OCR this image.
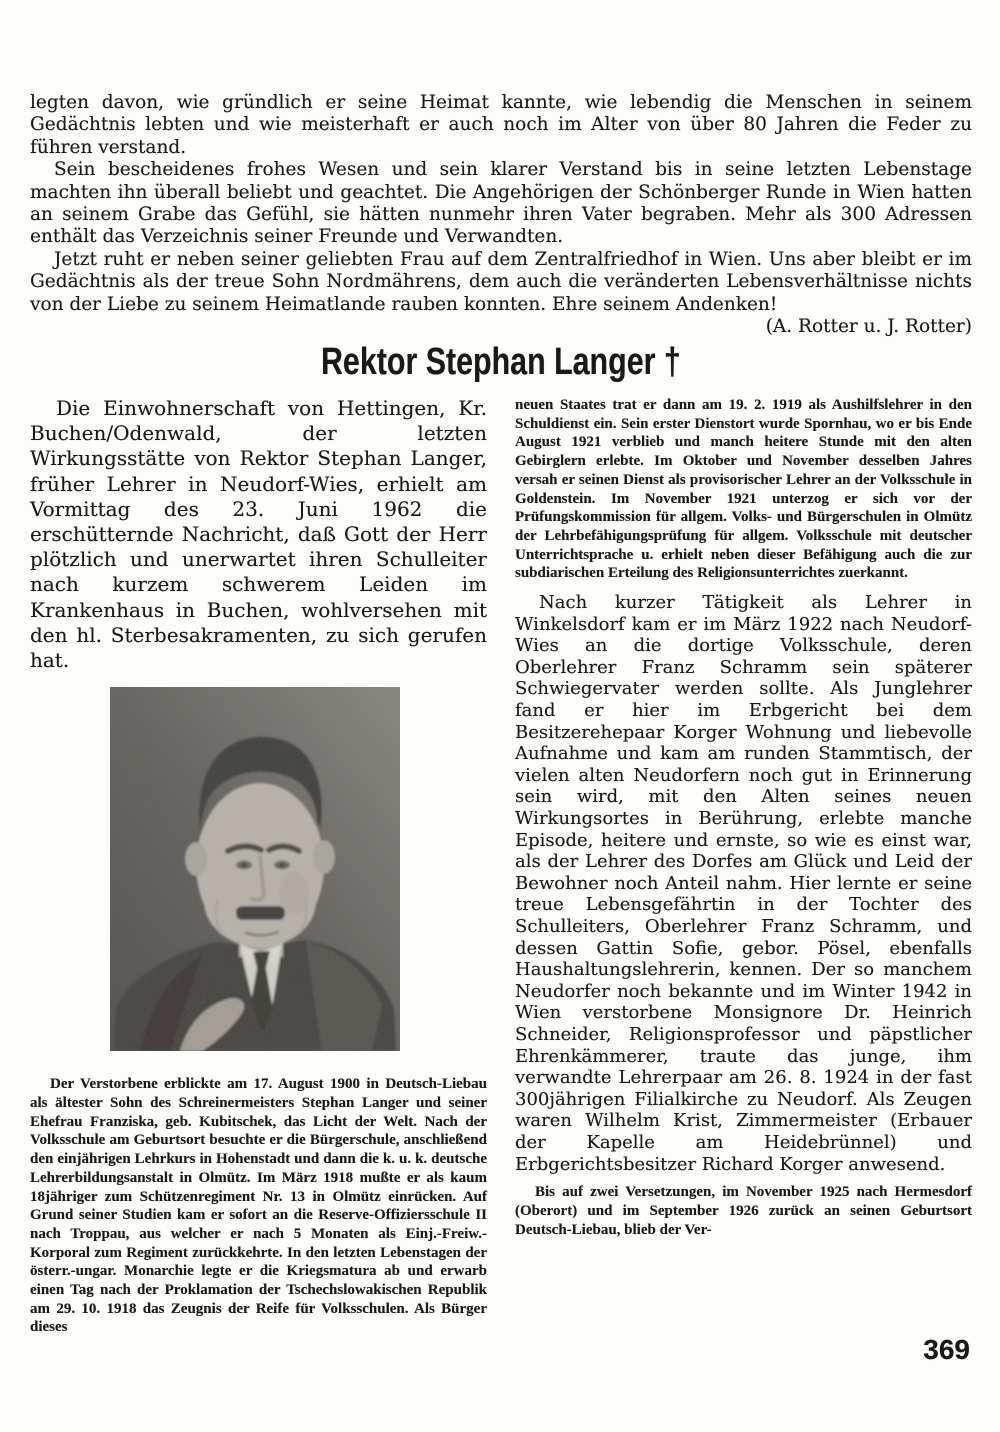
legten davon, wie gründlich er seine Heimat kannte, wie lebendig die Menschen in seinem Gedächtnis lebten und wie meisterhaft er auch noch im Alter von über 80 Jahren die Feder zu führen verstand.

Sein bescheidenes frohes Wesen und sein klarer Verstand bis in seine letzten Lebenstage machten ihn überall beliebt und geachtet. Die Angehörigen der Schönberger Runde in Wien hatten an seinem Grabe das Gefühl, sie hätten nunmehr ihren Vater begraben. Mehr als 300 Adressen enthält das Verzeichnis seiner Freunde und Verwandten.

Jetzt ruht er neben seiner geliebten Frau auf dem Zentralfriedhof in Wien. Uns aber bleibt er im Gedächtnis als der treue Sohn Nordmährens, dem auch die veränderten Lebensverhältnisse nichts von der Liebe zu seinem Heimatlande rauben konnten. Ehre seinem Andenken!
(A. Rotter u. J. Rotter)

Rektor Stephan Langer †

Die Einwohnerschaft von Hettingen, Kr. Buchen/Odenwald, der letzten Wirkungsstätte von Rektor Stephan Langer, früher Lehrer in Neudorf-Wies, erhielt am Vormittag des 23. Juni 1962 die erschütternde Nachricht, daß Gott der Herr plötzlich und unerwartet ihren Schulleiter nach kurzem schwerem Leiden im Krankenhaus in Buchen, wohlversehen mit den hl. Sterbesakramenten, zu sich gerufen hat.

Der Verstorbene erblickte am 17. August 1900 in Deutsch-Liebau als ältester Sohn des Schreinermeisters Stephan Langer und seiner Ehefrau Franziska, geb. Kubitschek, das Licht der Welt. Nach der Volksschule am Geburtsort besuchte er die Bürgerschule, anschließend den einjährigen Lehrkurs in Hohenstadt und dann die k. u. k. deutsche Lehrerbildungsanstalt in Olmütz. Im März 1918 mußte er als kaum 18jähriger zum Schützenregiment Nr. 13 in Olmütz einrücken. Auf Grund seiner Studien kam er sofort an die Reserve-Offiziersschule II nach Troppau, aus welcher er nach 5 Monaten als Einj.-Freiw.-Korporal zum Regiment zurückkehrte. In den letzten Lebenstagen der österr.-ungar. Monarchie legte er die Kriegsmatura ab und erwarb einen Tag nach der Proklamation der Tschechslowakischen Republik am 29. 10. 1918 das Zeugnis der Reife für Volksschulen. Als Bürger dieses

neuen Staates trat er dann am 19. 2. 1919 als Aushilfslehrer in den Schuldienst ein. Sein erster Dienstort wurde Spornhau, wo er bis Ende August 1921 verblieb und manch heitere Stunde mit den alten Gebirglern erlebte. Im Oktober und November desselben Jahres versah er seinen Dienst als provisorischer Lehrer an der Volksschule in Goldenstein. Im November 1921 unterzog er sich vor der Prüfungskommission für allgem. Volks- und Bürgerschulen in Olmütz der Lehrbefähigungsprüfung für allgem. Volksschule mit deutscher Unterrichtsprache u. erhielt neben dieser Befähigung auch die zur subdiarischen Erteilung des Religionsunterrichtes zuerkannt.

Nach kurzer Tätigkeit als Lehrer in Winkelsdorf kam er im März 1922 nach Neudorf-Wies an die dortige Volksschule, deren Oberlehrer Franz Schramm sein späterer Schwiegervater werden sollte. Als Junglehrer fand er hier im Erbgericht bei dem Besitzerehepaar Korger Wohnung und liebevolle Aufnahme und kam am runden Stammtisch, der vielen alten Neudorfern noch gut in Erinnerung sein wird, mit den Alten seines neuen Wirkungsortes in Berührung, erlebte manche Episode, heitere und ernste, so wie es einst war, als der Lehrer des Dorfes am Glück und Leid der Bewohner noch Anteil nahm. Hier lernte er seine treue Lebensgefährtin in der Tochter des Schulleiters, Oberlehrer Franz Schramm, und dessen Gattin Sofie, gebor. Pösel, ebenfalls Haushaltungslehrerin, kennen. Der so manchem Neudorfer noch bekannte und im Winter 1942 in Wien verstorbene Monsignore Dr. Heinrich Schneider, Religionsprofessor und päpstlicher Ehrenkämmerer, traute das junge, ihm verwandte Lehrerpaar am 26. 8. 1924 in der fast 300jährigen Filialkirche zu Neudorf. Als Zeugen waren Wilhelm Krist, Zimmermeister (Erbauer der Kapelle am Heidebrünnel) und Erbgerichtsbesitzer Richard Korger anwesend.

Bis auf zwei Versetzungen, im November 1925 nach Hermesdorf (Oberort) und im September 1926 zurück an seinen Geburtsort Deutsch-Liebau, blieb der Ver-

369
